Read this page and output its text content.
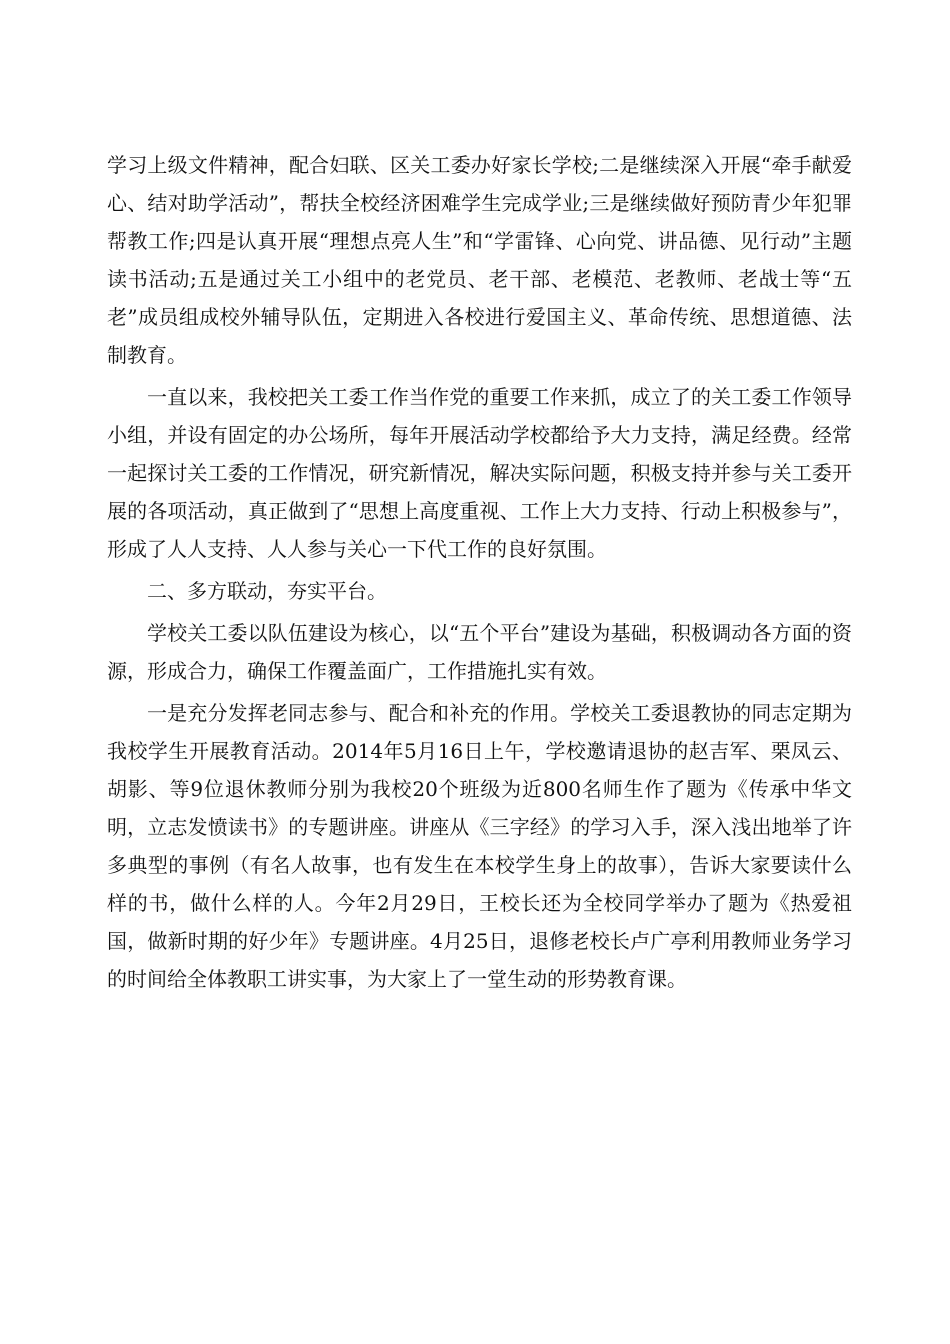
学习上级文件精神，配合妇联、区关工委办好家长学校;二是继续深入开展“牵手献爱心、结对助学活动”，帮扶全校经济困难学生完成学业;三是继续做好预防青少年犯罪帮教工作;四是认真开展“理想点亮人生”和“学雷锋、心向党、讲品德、见行动”主题读书活动;五是通过关工小组中的老党员、老干部、老模范、老教师、老战士等“五老”成员组成校外辅导队伍，定期进入各校进行爱国主义、革命传统、思想道德、法制教育。

一直以来，我校把关工委工作当作党的重要工作来抓，成立了的关工委工作领导小组，并设有固定的办公场所，每年开展活动学校都给予大力支持，满足经费。经常一起探讨关工委的工作情况，研究新情况，解决实际问题，积极支持并参与关工委开展的各项活动，真正做到了“思想上高度重视、工作上大力支持、行动上积极参与”，形成了人人支持、人人参与关心一下代工作的良好氛围。

二、多方联动，夯实平台。

学校关工委以队伍建设为核心，以“五个平台”建设为基础，积极调动各方面的资源，形成合力，确保工作覆盖面广，工作措施扎实有效。

一是充分发挥老同志参与、配合和补充的作用。学校关工委退教协的同志定期为我校学生开展教育活动。2014年5月16日上午，学校邀请退协的赵吉军、栗凤云、胡影、等9位退休教师分别为我校20个班级为近800名师生作了题为《传承中华文明，立志发愤读书》的专题讲座。讲座从《三字经》的学习入手，深入浅出地举了许多典型的事例（有名人故事，也有发生在本校学生身上的故事），告诉大家要读什么样的书，做什么样的人。今年2月29日，王校长还为全校同学举办了题为《热爱祖国，做新时期的好少年》专题讲座。4月25日，退修老校长卢广亭利用教师业务学习的时间给全体教职工讲实事，为大家上了一堂生动的形势教育课。
